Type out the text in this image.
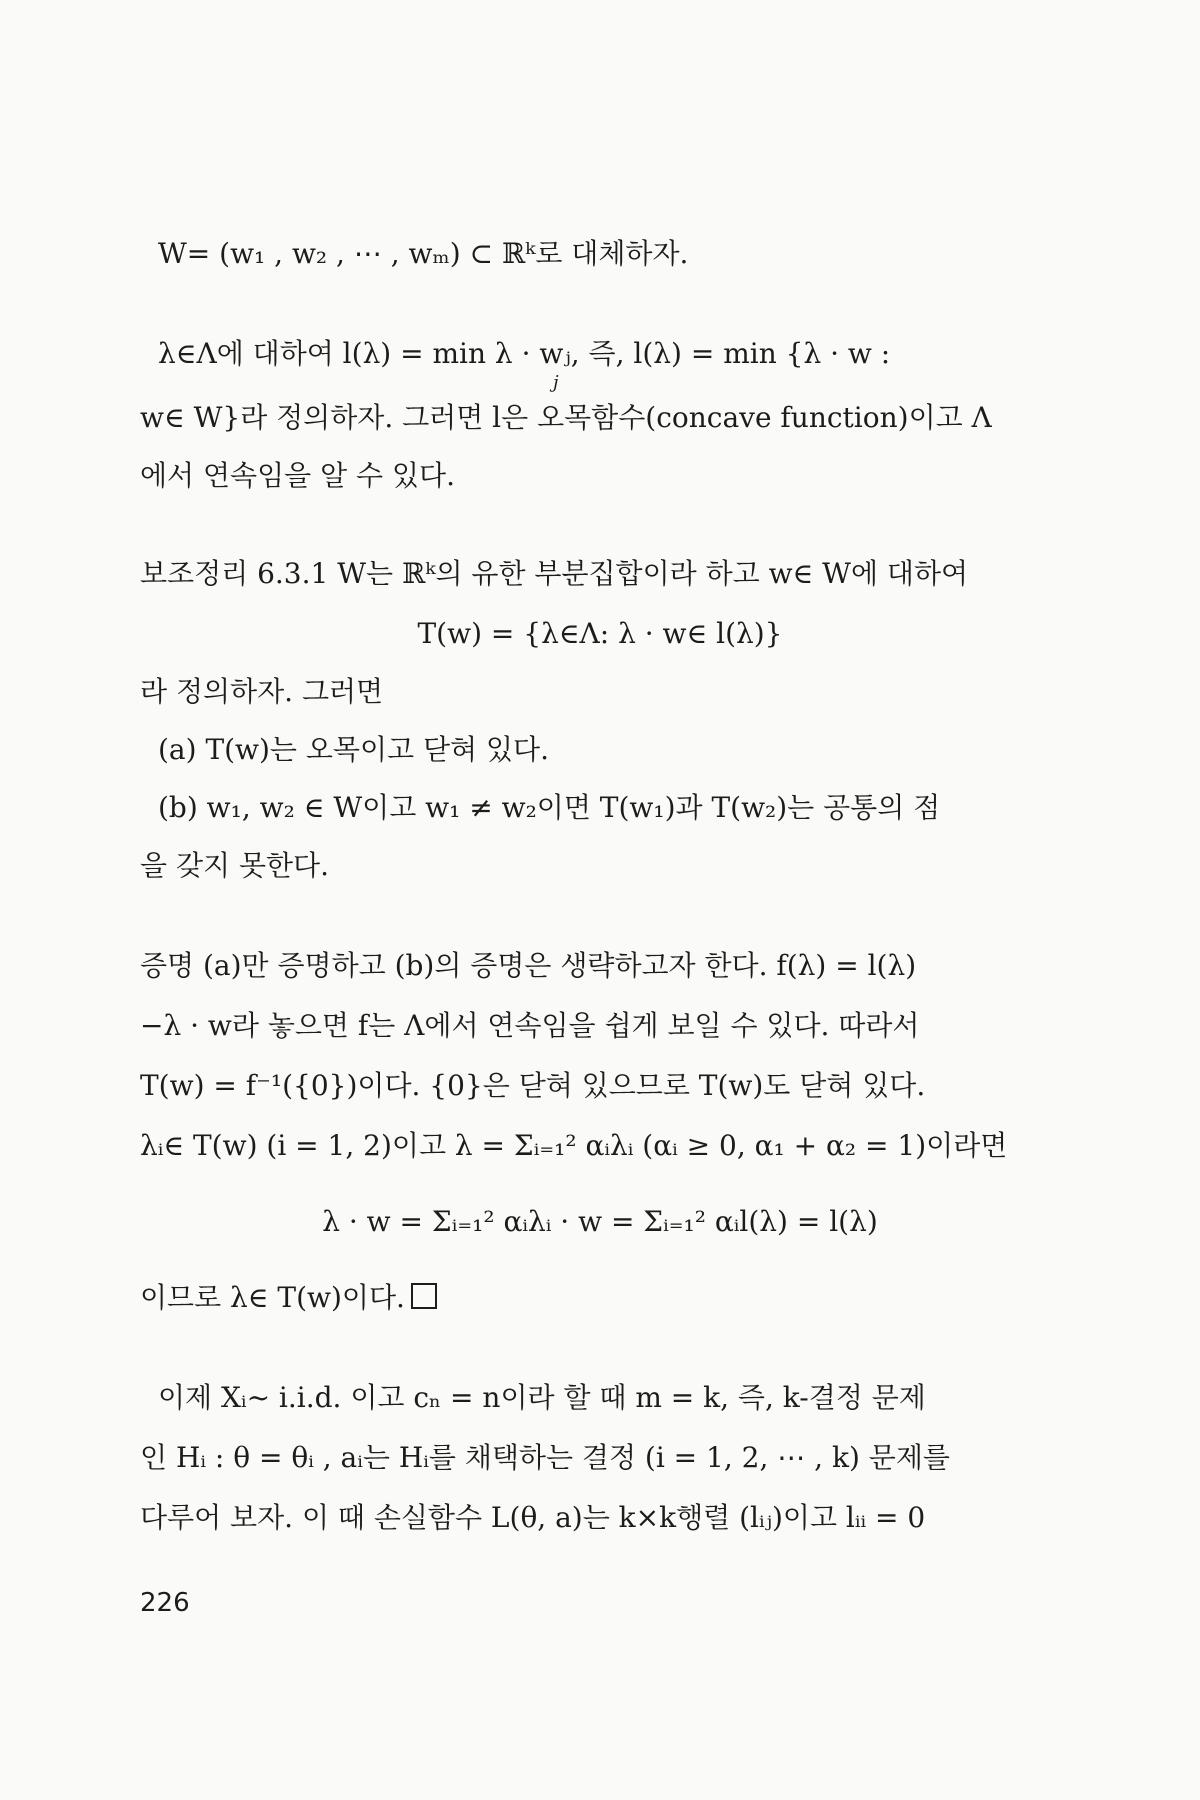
W= (w₁ , w₂ , ⋯ , wₘ) ⊂ ℝᵏ로 대체하자.
λ∈Λ에 대하여 l(λ) = min λ · wⱼ, 즉, l(λ) = min {λ · w :
j
w∈ W}라 정의하자. 그러면 l은 오목함수(concave function)이고 Λ
에서 연속임을 알 수 있다.
보조정리 6.3.1 W는 ℝᵏ의 유한 부분집합이라 하고 w∈ W에 대하여
T(w) = {λ∈Λ: λ · w∈ l(λ)}
라 정의하자. 그러면
(a) T(w)는 오목이고 닫혀 있다.
(b) w₁, w₂ ∈ W이고 w₁ ≠ w₂이면 T(w₁)과 T(w₂)는 공통의 점
을 갖지 못한다.
증명 (a)만 증명하고 (b)의 증명은 생략하고자 한다. f(λ) = l(λ)
−λ · w라 놓으면 f는 Λ에서 연속임을 쉽게 보일 수 있다. 따라서
T(w) = f⁻¹({0})이다. {0}은 닫혀 있으므로 T(w)도 닫혀 있다.
λᵢ∈ T(w) (i = 1, 2)이고 λ = Σᵢ₌₁² αᵢλᵢ (αᵢ ≥ 0, α₁ + α₂ = 1)이라면
λ · w = Σᵢ₌₁² αᵢλᵢ · w = Σᵢ₌₁² αᵢl(λ) = l(λ)
이므로 λ∈ T(w)이다.
이제 Xᵢ~ i.i.d. 이고 cₙ = n이라 할 때 m = k, 즉, k-결정 문제
인 Hᵢ : θ = θᵢ , aᵢ는 Hᵢ를 채택하는 결정 (i = 1, 2, ⋯ , k) 문제를
다루어 보자. 이 때 손실함수 L(θ, a)는 k×k행렬 (lᵢⱼ)이고 lᵢᵢ = 0
226
